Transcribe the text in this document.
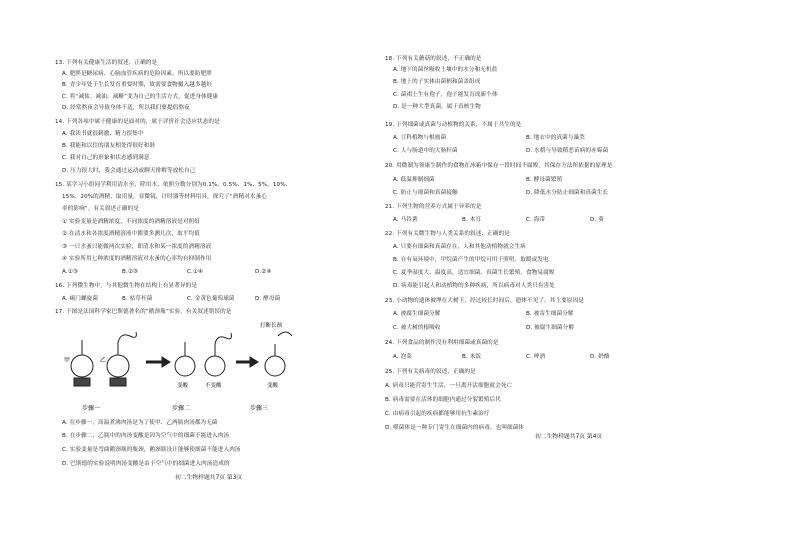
13. 下列有关健康生活的叙述，正确的是
A. 肥胖是糖尿病、心脑血管疾病的危险因素，所以要防肥胖
B. 青少年处于生长发育重要时期，故需要食物摄入越多越好
C. 将“减盐、减油、减糖”变为自己的生活方式，促进身体健康
D. 经常熬夜会导致身体不适，所以我们要提倡熬夜
14. 下列各项中属于健康的是面对的，属于评价社会适应状态的是
A. 我读书就很刺激，精力很集中
B. 我能和以往的朋友相处得很好和谐
C. 我对自己的形象和状态感到满意
D. 压力很大时，我会通过运动或聊天排解等放松自己
15. 某学习小组同学利用清水至，除用水，依照分数分别为0.1%、0.5%、1%、5%、10%、
15%、20%的酒精，取用量，显微镜，计时器等材料用具，探究了“酒精对水蚤心
率的影响”。有关叙述正确的是
① 实验变量是酒精浓度，不同浓度的酒精溶液是对照组
② 在清水和各浓度酒精溶液中都要多测几次，取平均值
③ 一只水蚤只能做两次实验，即清水和某一浓度的酒精溶液
④ 实验所用七种浓度的酒精溶液对水蚤的心率均有抑制作用
A.①③	B.②③	C.①④	D.②④
16. 下列微生物中，与其他微生物在结构上有显著异的是
A. 痢门螺旋菌	B. 枯草杆菌	C. 金黄色葡萄球菌	D. 酵母菌
17. 下图是法国科学家巴斯德著名的“鹅颈瓶”实验，有关叙述错误的是
甲	乙
变酸	不变酸	变酸
打断长颈
步骤一	步骤二	步骤三
A. 在步骤一，高温煮沸肉汤是为了使甲、乙两瓶肉汤都为无菌
B. 在步骤二，乙瓶中的肉汤变酸是因为空气中的细菌不能进入肉汤
C. 实验变量是弯曲鹅颈瓶的瓶颈，鹅颈瓶设计能够使细菌不能进入肉汤
D. 巴斯德的实验说明肉汤变酸是由于空气中的细菌进入肉汤造成的
初二生物样题共7页 第3页
18. 下列有关蘑菇的叙述，不正确的是
A. 地下的菌丝吸收土壤中的水分和无机盐
B. 地上的子实体由菌柄和菌盖组成
C. 菌褶上生有孢子，孢子能发育成新个体
D. 是一种大型真菌，属于真核生物
19. 下列细菌或真菌与动植物的关系，不属于共生的是
A. 豆科植物与根瘤菌	B. 地衣中的真菌与藻类
C. 人与肠道中的大肠杆菌	D. 水稻与导致稻恶苗病的赤霉菌
20. 用微制为领康生制作的食物在冰箱中保存一段时间不腐败，其保存方法所依据的原理是
A. 低温抑制细菌	B. 酵母菌繁殖
C. 防止与细菌和真菌接触	D. 降低水分防止细菌和真菌生长
21. 下列生物的营养方式属于异养的是
A. 马铃薯	B. 木耳	C. 海带	D. 葵
22. 下列有关微生物与人类关系的叙述，正确的是
A. 只要有细菌和真菌存在，人和其他动植物就会生病
B. 在有氧环境中，甲烷菌产生的甲烷可用于照明、取暖或发电
C. 夏季湿度大、温度高，适宜细菌、真菌生长繁殖，食物易腐败
D. 病毒能引起人和动植物的多种疾病，所以病毒对人类只有害处
23. 小动物的遗体被埋在大树下，经过较长时间后，遗体不见了，其主要原因是
A. 被腐生细菌分解	B. 被寄生细菌分解
C. 被大树的根吸收	D. 被腐生细菌分解
24. 下列食品的制作没有利用细菌或真菌的是
A. 泡菜	B. 米饭	C. 啤酒	D. 奶酪
25. 下列有关病毒的叙述，正确的是
A. 病毒只能营寄生生活，一旦离开活细胞就会死亡
B. 病毒需要在活体的细胞内通过分裂繁殖后代
C. 由病毒引起的疾病都能够用抗生素治疗
D. 噬菌体是一种专门寄生在细菌内的病毒，也叫细菌体
初二生物样题共7页 第4页
